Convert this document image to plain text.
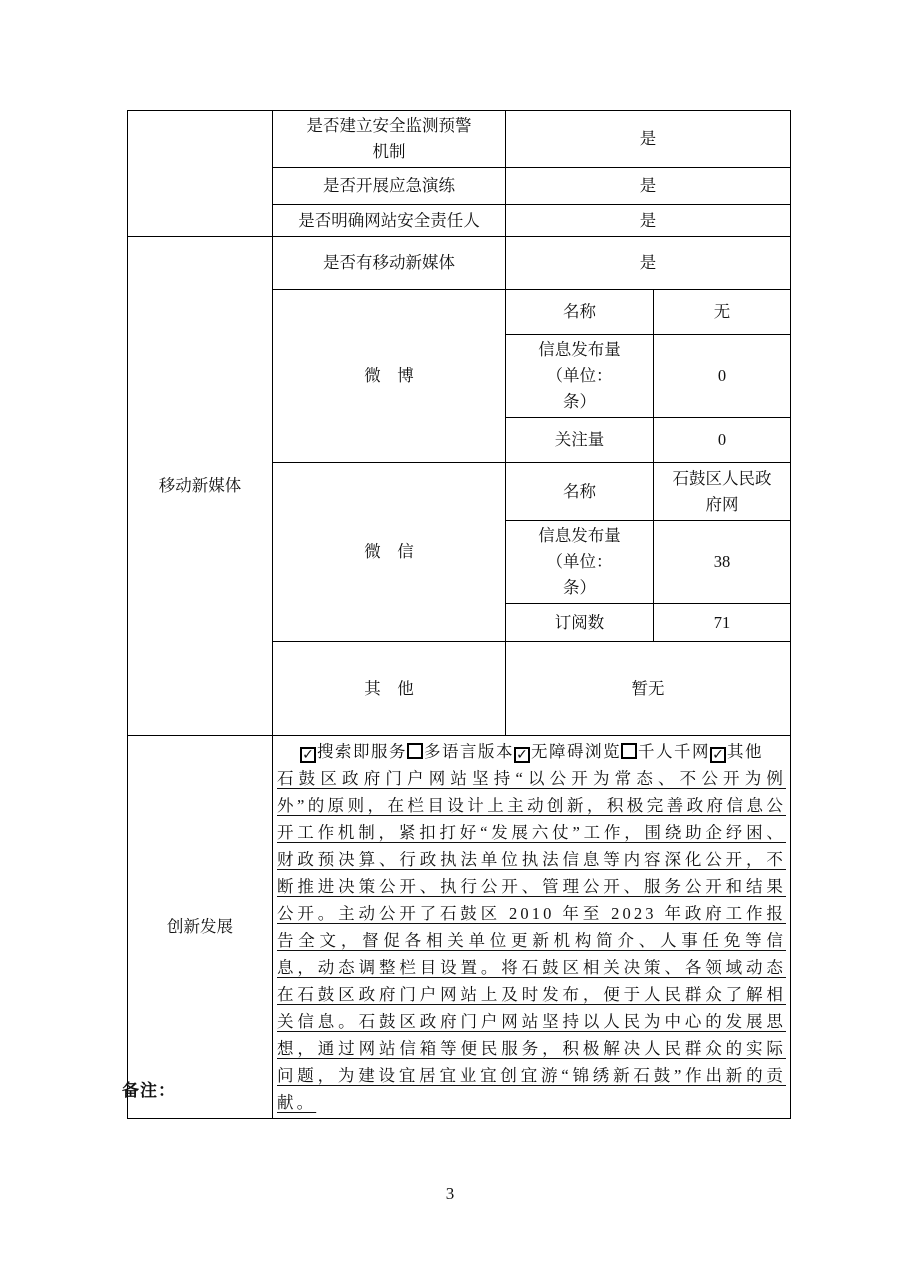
	是否建立安全监测预警机制	是	
	是否开展应急演练	是	
	是否明确网站安全责任人	是	
移动新媒体	是否有移动新媒体	是	
	微　博	名称	无
		信息发布量（单位：条）	0
		关注量	0
	微　信	名称	石鼓区人民政府网
		信息发布量（单位：条）	38
		订阅数	71
	其　他	暂无	
创新发展	✓ 搜索即服务 多语言版本 ✓ 无障碍浏览 千人千网 ✓ 其他
石鼓区政府门户网站坚持“以公开为常态、不公开为例外”的原则，在栏目设计上主动创新，积极完善政府信息公开工作机制，紧扣打好“发展六仗”工作，围绕助企纾困、财政预决算、行政执法单位执法信息等内容深化公开，不断推进决策公开、执行公开、管理公开、服务公开和结果公开。主动公开了石鼓区 2010 年至 2023 年政府工作报告全文，督促各相关单位更新机构简介、人事任免等信息，动态调整栏目设置。将石鼓区相关决策、各领域动态在石鼓区政府门户网站上及时发布，便于人民群众了解相关信息。石鼓区政府门户网站坚持以人民为中心的发展思想，通过网站信箱等便民服务，积极解决人民群众的实际问题，为建设宜居宜业宜创宜游“锦绣新石鼓”作出新的贡献。		
备注：
3
